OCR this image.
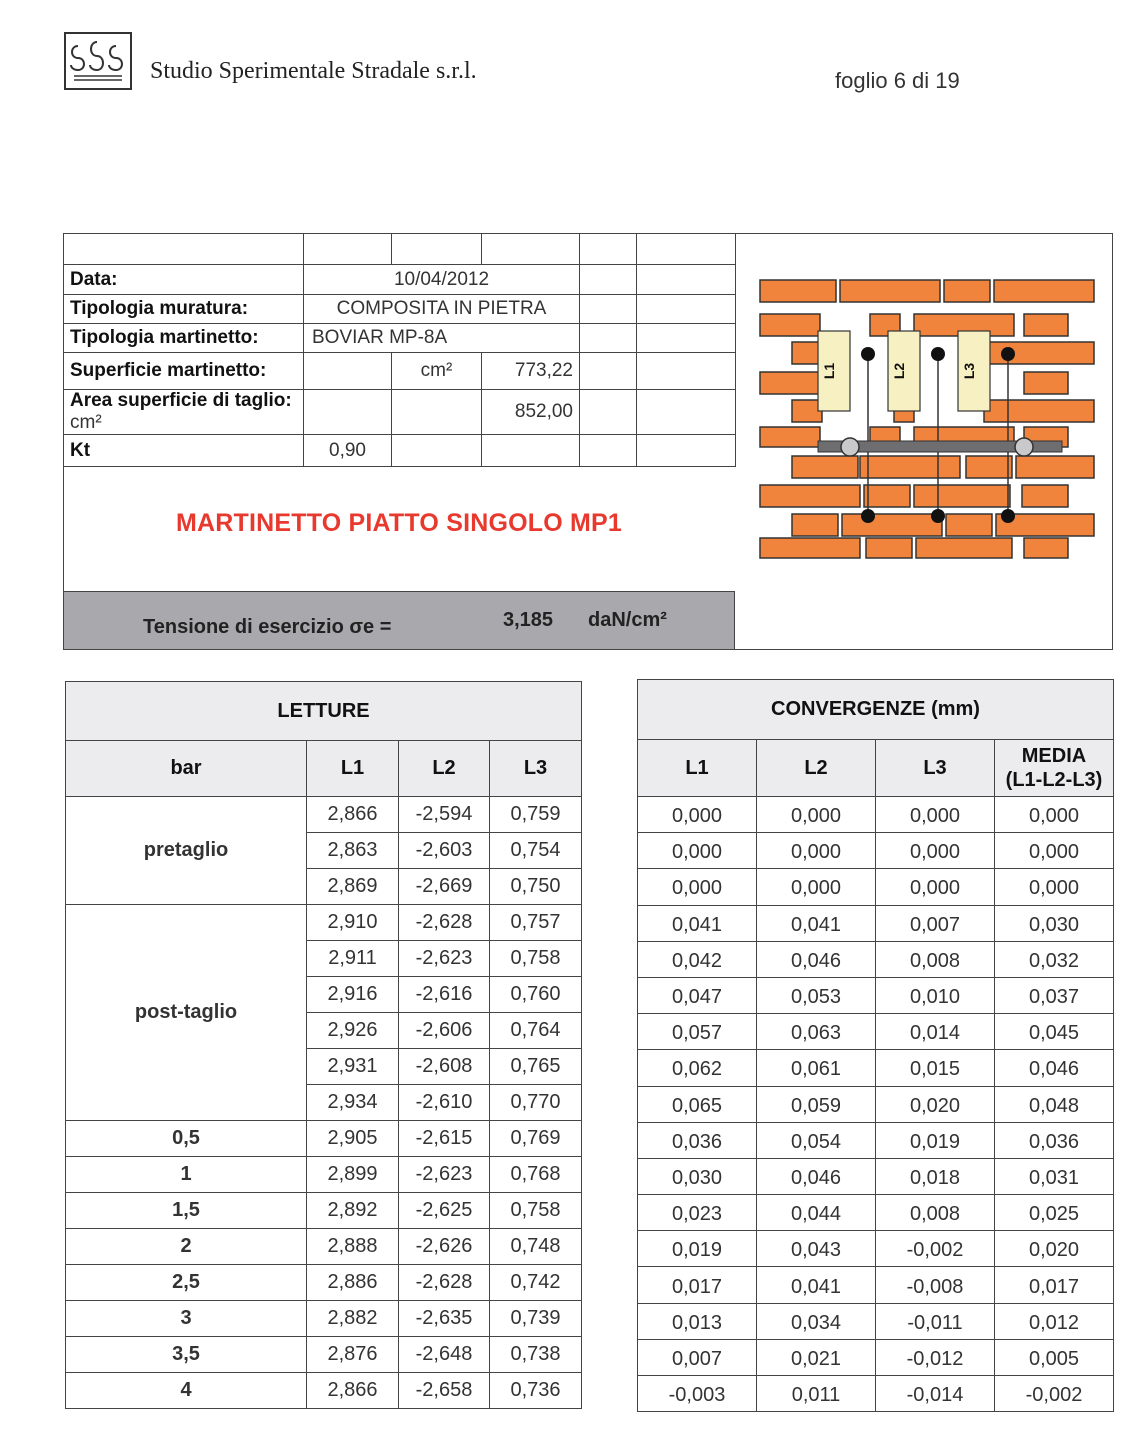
Studio Sperimentale Stradale s.r.l.	foglio 6 di 19

Data:	10/04/2012				
Tipologia muratura:	COMPOSITA IN PIETRA				
Tipologia martinetto:	BOVIAR MP-8A				
Superficie martinetto:		cm²	773,22		
Area superficie di taglio: cm²			852,00		
Kt	0,90				
MARTINETTO PIATTO SINGOLO MP1
Tensione di esercizio σe =	3,185 daN/cm²
L1	L2	L3
LETTURE			
bar	L1	L2	L3
pretaglio	2,866	-2,594	0,759
	2,863	-2,603	0,754
	2,869	-2,669	0,750
post-taglio	2,910	-2,628	0,757
	2,911	-2,623	0,758
	2,916	-2,616	0,760
	2,926	-2,606	0,764
	2,931	-2,608	0,765
	2,934	-2,610	0,770
0,5	2,905	-2,615	0,769
1	2,899	-2,623	0,768
1,5	2,892	-2,625	0,758
2	2,888	-2,626	0,748
2,5	2,886	-2,628	0,742
3	2,882	-2,635	0,739
3,5	2,876	-2,648	0,738
4	2,866	-2,658	0,736
CONVERGENZE (mm)			
L1	L2	L3	MEDIA
(L1-L2-L3)

0,000	0,000	0,000	0,000
0,000	0,000	0,000	0,000
0,000	0,000	0,000	0,000
0,041	0,041	0,007	0,030
0,042	0,046	0,008	0,032
0,047	0,053	0,010	0,037
0,057	0,063	0,014	0,045
0,062	0,061	0,015	0,046
0,065	0,059	0,020	0,048
0,036	0,054	0,019	0,036
0,030	0,046	0,018	0,031
0,023	0,044	0,008	0,025
0,019	0,043	-0,002	0,020
0,017	0,041	-0,008	0,017
0,013	0,034	-0,011	0,012
0,007	0,021	-0,012	0,005
-0,003	0,011	-0,014	-0,002
